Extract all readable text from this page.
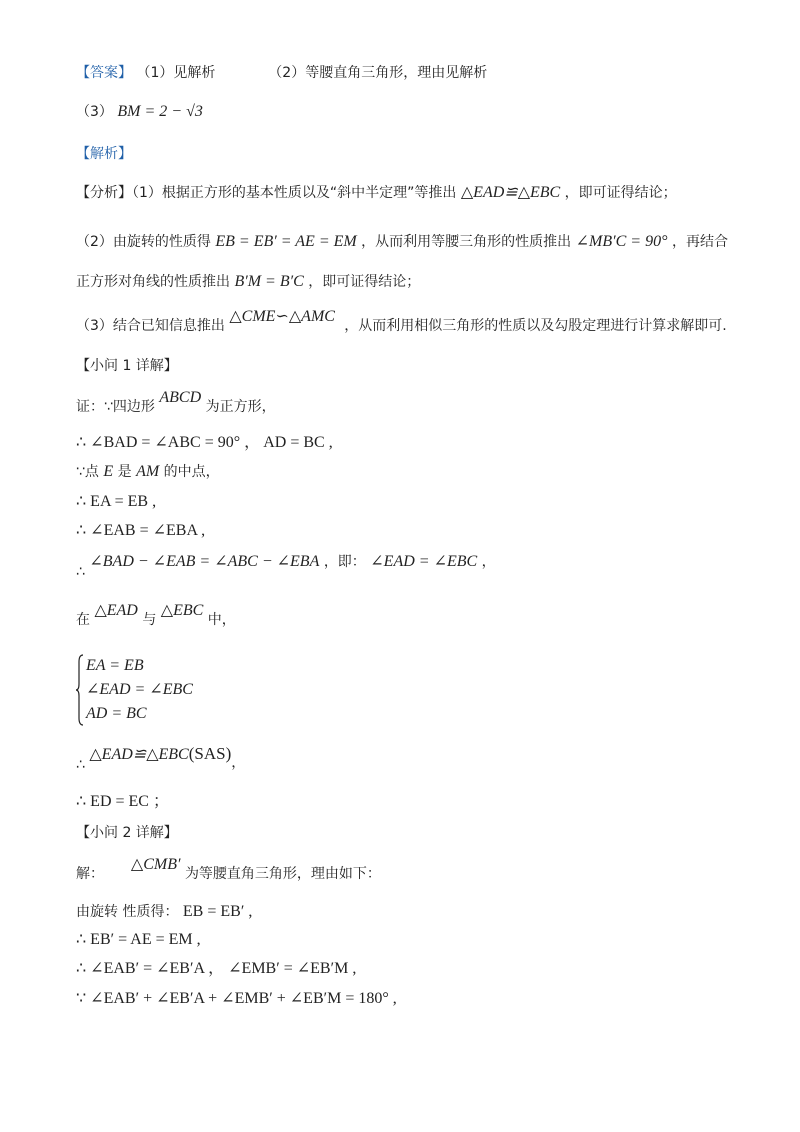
【答案】 （1）见解析	（2）等腰直角三角形，理由见解析
（3） BM = 2 − √3
【解析】
【分析】（1）根据正方形的基本性质以及“斜中半定理”等推出 △EAD≌△EBC ，即可证得结论；
（2）由旋转的性质得 EB = EB′ = AE = EM ，从而利用等腰三角形的性质推出 ∠MB′C = 90° ，再结合
正方形对角线的性质推出 B′M = B′C ，即可证得结论；
（3）结合已知信息推出 △CME∽△AMC  ，从而利用相似三角形的性质以及勾股定理进行计算求解即可.
【小问 1 详解】
证：∵四边形 ABCD 为正方形，
∴ ∠BAD = ∠ABC = 90° ， AD = BC ,
∵点 E 是 AM 的中点，
∴ EA = EB ,
∴ ∠EAB = ∠EBA ,
∴ ∠BAD − ∠EAB = ∠ABC − ∠EBA ，即： ∠EAD = ∠EBC ，
在 △EAD 与 △EBC 中，
EA = EB
∠EAD = ∠EBC
AD = BC
∴ △EAD≌△EBC(SAS)，
∴ ED = EC ；
【小问 2 详解】
解：  △CMB′ 为等腰直角三角形，理由如下：
由旋转 性质得： EB = EB′ ,
∴ EB′ = AE = EM ,
∴ ∠EAB′ = ∠EB′A ， ∠EMB′ = ∠EB′M ,
∵ ∠EAB′ + ∠EB′A + ∠EMB′ + ∠EB′M = 180° ,
